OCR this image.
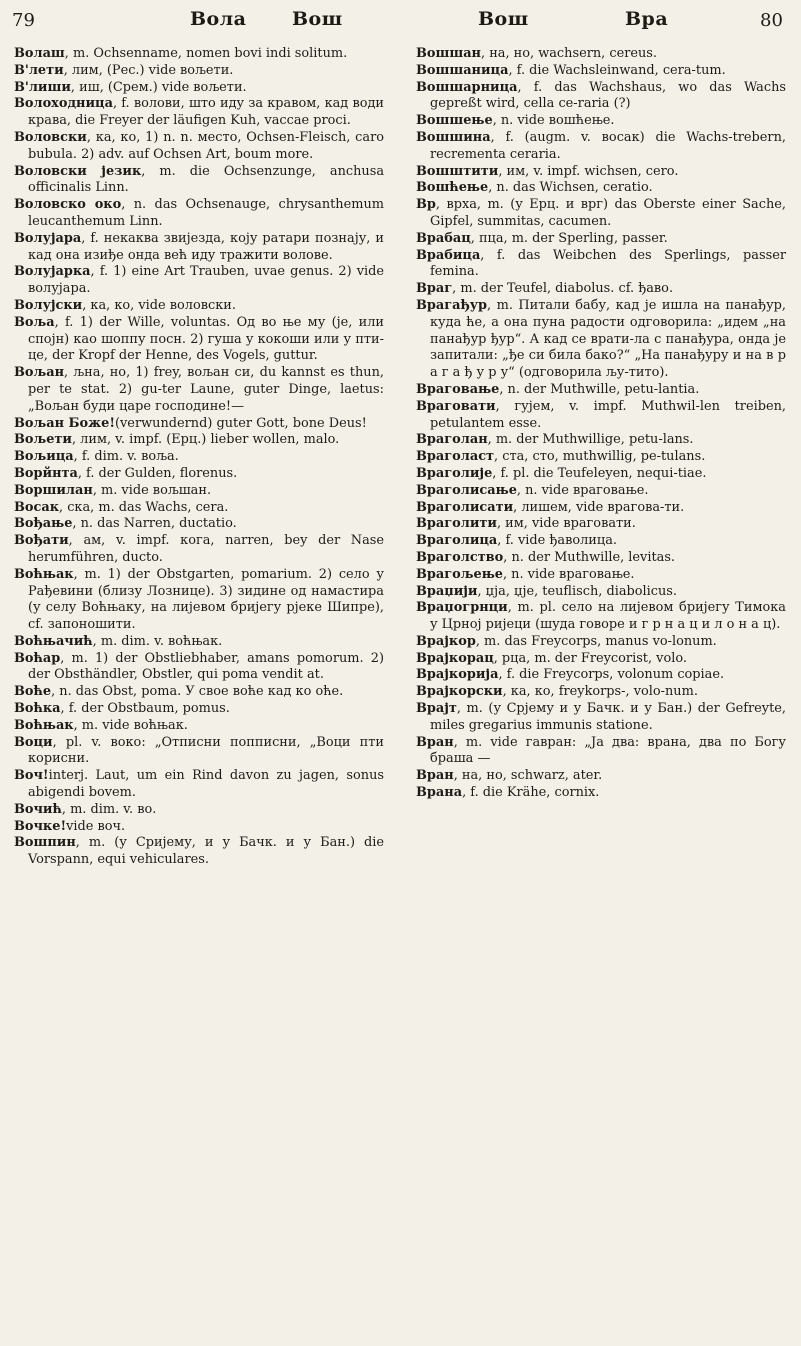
79	Вола Вош	Вош	Вра	80

Волаш, m. Ochsenname, nomen bovi indi solitum.

В'лети, лим, (Рес.) vide вољети.

В'лиши, иш, (Срем.) vide вољети.

Волоходница, f. волови, што иду за кравом, кад води крава, die Freyer der läufigen Kuh, vaccae proci.

Воловски, ка, ко, 1) n. n. место, Ochsen-Fleisch, caro bubula. 2) adv. auf Ochsen Art, boum more.

Воловски језик, m. die Ochsenzunge, anchusa officinalis Linn.

Воловско око, n. das Ochsenauge, chrysanthemum leucanthemum Linn.

Волујара, f. некаква звијезда, коју ратари познају, и кад она изиђе онда већ иду тражити волове.

Волујарка, f. 1) eine Art Trauben, uvae genus. 2) vide волујара.

Волујски, ка, ко, vide воловски.

Воља, f. 1) der Wille, voluntas. Од во ње му (је, или спојн) као шоппу посн. 2) гуша у кокоши или у пти-це, der Kropf der Henne, des Vogels, guttur.

Вољан, љна, но, 1) frey, вољан си, du kannst es thun, per te stat. 2) gu-ter Laune, guter Dinge, laetus: „Вољан буди царе господине!—

Вољан Боже!(verwundernd) guter Gott, bone Deus!

Вољети, лим, v. impf. (Ерц.) lieber wollen, malo.

Вољица, f. dim. v. воља.

Ворйнта, f. der Gulden, florenus.

Воршилан, m. vide вољшан.

Восак, ска, m. das Wachs, cera.

Вођање, n. das Narren, ductatio.

Вођати, ам, v. impf. кога, narren, bey der Nase herumführen, ducto.

Воћњак, m. 1) der Obstgarten, pomarium. 2) село у Рађевини (близу Лознице). 3) зидине од намастира (у селу Воћњаку, на лијевом бријегу рјеке Шипре), cf. запоношити.

Воћњачић, m. dim. v. воћњак.

Воћар, m. 1) der Obstliebhaber, amans pomorum. 2) der Obsthändler, Obstler, qui poma vendit at.

Воће, n. das Obst, poma. У свое воће кад ко оће.

Воћка, f. der Obstbaum, pomus.

Воћњак, m. vide воћњак.

Воци, pl. v. воко: „Отписни попписни, „Воци пти корисни.

Воч!interj. Laut, um ein Rind davon zu jagen, sonus abigendi bovem.

Вочић, m. dim. v. во.

Вочке!vide воч.

Вошпин, m. (у Сријему, и у Бачк. и у Бан.) die Vorspann, equi vehiculares.

Вошшан, на, но, wachsern, cereus.

Вошшаница, f. die Wachsleinwand, cera-tum.

Вошшарница, f. das Wachshaus, wo das Wachs gepreßt wird, cella ce-raria (?)

Вошшење, n. vide вошћење.

Вошшина, f. (augm. v. восак) die Wachs-trebern, recrementa ceraria.

Вошштити, им, v. impf. wichsen, cero.

Вошћење, n. das Wichsen, ceratio.

Вр, врха, m. (у Ерц. и врг) das Oberste einer Sache, Gipfel, summitas, cacumen.

Врабац, пца, m. der Sperling, passer.

Врабица, f. das Weibchen des Sperlings, passer femina.

Враг, m. der Teufel, diabolus. cf. ђаво.

Врагађур, m. Питали бабу, кад је ишла на панађур, куда ће, а она пуна радости одговорила: „идем „на панађур ђур“. А кад се врати-ла с панађура, онда је запитали: „ђе си била бако?“ „На панађуру и на в р а г а ђ у р у“ (одговорила љу-тито).

Враговање, n. der Muthwille, petu-lantia.

Враговати, гујем, v. impf. Muthwil-len treiben, petulantem esse.

Враголан, m. der Muthwillige, petu-lans.

Враголаст, ста, сто, muthwillig, pe-tulans.

Враголије, f. pl. die Teufeleyen, nequi-tiae.

Враголисање, n. vide враговање.

Враголисати, лишем, vide врагова-ти.

Враголити, им, vide враговати.

Враголица, f. vide ђаволица.

Враголство, n. der Muthwille, levitas.

Врагољење, n. vide враговање.

Враџији, џја, џје, teuflisch, diabolicus.

Враџогрнци, m. pl. село на лијевом бријегу Тимока у Црној ријеци (шуда говоре и г р н а ц и л о н а ц).

Врајкор, m. das Freycorps, manus vo-lonum.

Врајкорац, рца, m. der Freycorist, volo.

Врајкорија, f. die Freycorps, volonum copiae.

Врајкорски, ка, ко, freykorps-, volo-num.

Врајт, m. (у Срјему и у Бачк. и у Бан.) der Gefreyte, miles gregarius immunis statione.

Вран, m. vide гавран: „Ја два: врана, два по Богу браша —

Вран, на, но, schwarz, ater.

Врана, f. die Krähe, cornix.
